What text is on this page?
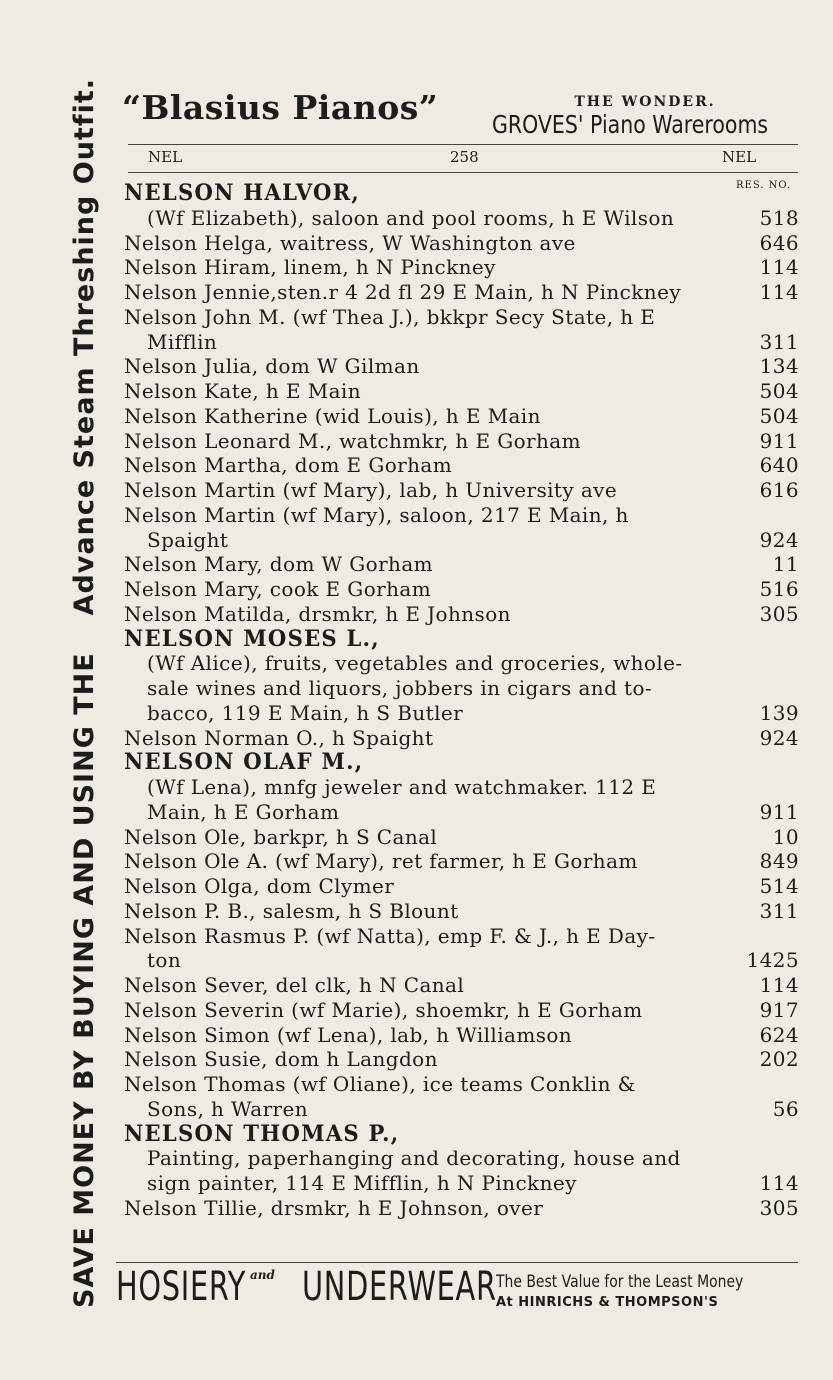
SAVE MONEY BY BUYING AND USING THE
Advance Steam Threshing Outfit. “Blasius Pianos”	THE WONDER.
GROVES' Piano Warerooms
NEL	258	NEL
RES. NO.
NELSON HALVOR,
(Wf Elizabeth), saloon and pool rooms, h E Wilson	518
Nelson Helga, waitress, W Washington ave	646
Nelson Hiram, linem, h N Pinckney	114
Nelson Jennie,sten.r 4 2d fl 29 E Main, h N Pinckney	114
Nelson John M. (wf Thea J.), bkkpr Secy State, h E
Mifflin	311
Nelson Julia, dom W Gilman	134
Nelson Kate, h E Main	504
Nelson Katherine (wid Louis), h E Main	504
Nelson Leonard M., watchmkr, h E Gorham	911
Nelson Martha, dom E Gorham	640
Nelson Martin (wf Mary), lab, h University ave	616
Nelson Martin (wf Mary), saloon, 217 E Main, h
Spaight	924
Nelson Mary, dom W Gorham	11
Nelson Mary, cook E Gorham	516
Nelson Matilda, drsmkr, h E Johnson	305
NELSON MOSES L.,
(Wf Alice), fruits, vegetables and groceries, whole-
sale wines and liquors, jobbers in cigars and to-
bacco, 119 E Main, h S Butler	139
Nelson Norman O., h Spaight	924
NELSON OLAF M.,
(Wf Lena), mnfg jeweler and watchmaker. 112 E
Main, h E Gorham	911
Nelson Ole, barkpr, h S Canal	10
Nelson Ole A. (wf Mary), ret farmer, h E Gorham	849
Nelson Olga, dom Clymer	514
Nelson P. B., salesm, h S Blount	311
Nelson Rasmus P. (wf Natta), emp F. & J., h E Day-
ton	1425
Nelson Sever, del clk, h N Canal	114
Nelson Severin (wf Marie), shoemkr, h E Gorham	917
Nelson Simon (wf Lena), lab, h Williamson	624
Nelson Susie, dom h Langdon	202
Nelson Thomas (wf Oliane), ice teams Conklin &
Sons, h Warren	56
NELSON THOMAS P.,
Painting, paperhanging and decorating, house and
sign painter, 114 E Mifflin, h N Pinckney	114
Nelson Tillie, drsmkr, h E Johnson, over	305
HOSIERY and UNDERWEAR The Best Value for the Least Money
At HINRICHS & THOMPSON'S
